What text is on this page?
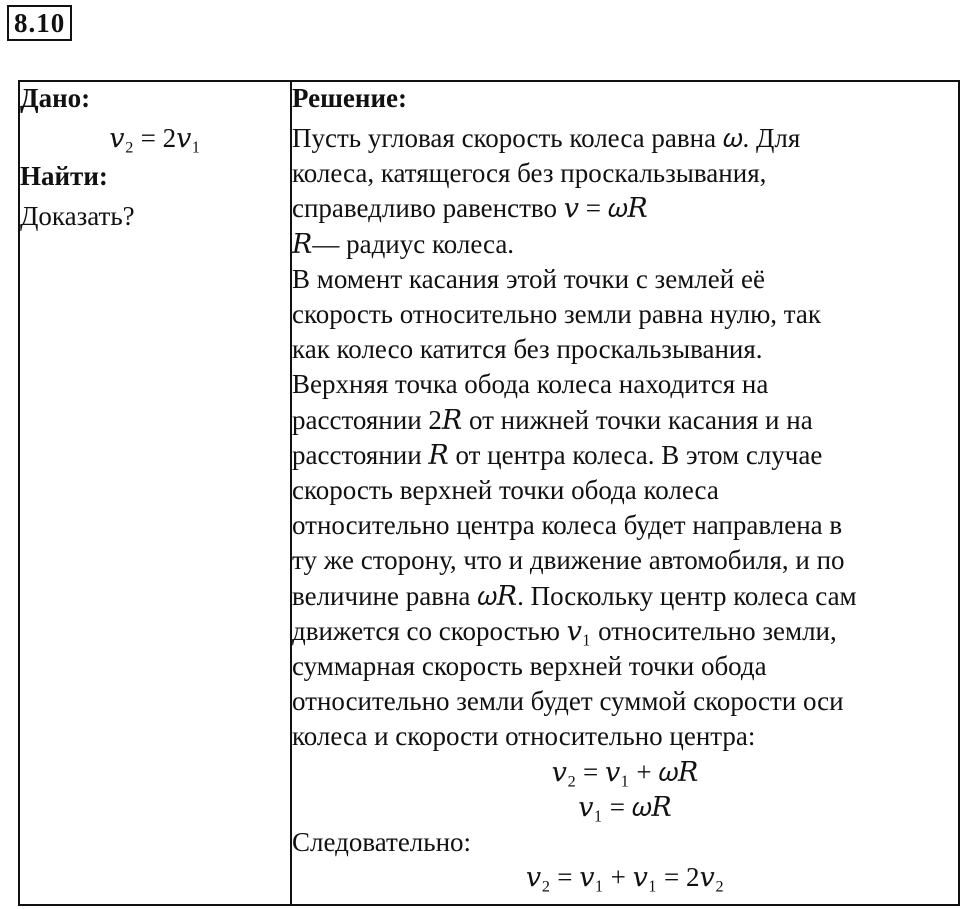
8.10
Дано:
𝑣₂ = 2𝑣₁
Найти:
Доказать?

Решение:
Пусть угловая скорость колеса равна 𝜔. Для
колеса, катящегося без проскальзывания,
справедливо равенство 𝑣 = 𝜔𝑅
𝑅— радиус колеса.
В момент касания этой точки с землей её
скорость относительно земли равна нулю, так
как колесо катится без проскальзывания.
Верхняя точка обода колеса находится на
расстоянии 2𝑅 от нижней точки касания и на
расстоянии 𝑅 от центра колеса. В этом случае
скорость верхней точки обода колеса
относительно центра колеса будет направлена в
ту же сторону, что и движение автомобиля, и по
величине равна 𝜔𝑅. Поскольку центр колеса сам
движется со скоростью 𝑣₁ относительно земли,
суммарная скорость верхней точки обода
относительно земли будет суммой скорости оси
колеса и скорости относительно центра:
𝑣₂ = 𝑣₁ + 𝜔𝑅
𝑣₁ = 𝜔𝑅
Следовательно:
𝑣₂ = 𝑣₁ + 𝑣₁ = 2𝑣₂
